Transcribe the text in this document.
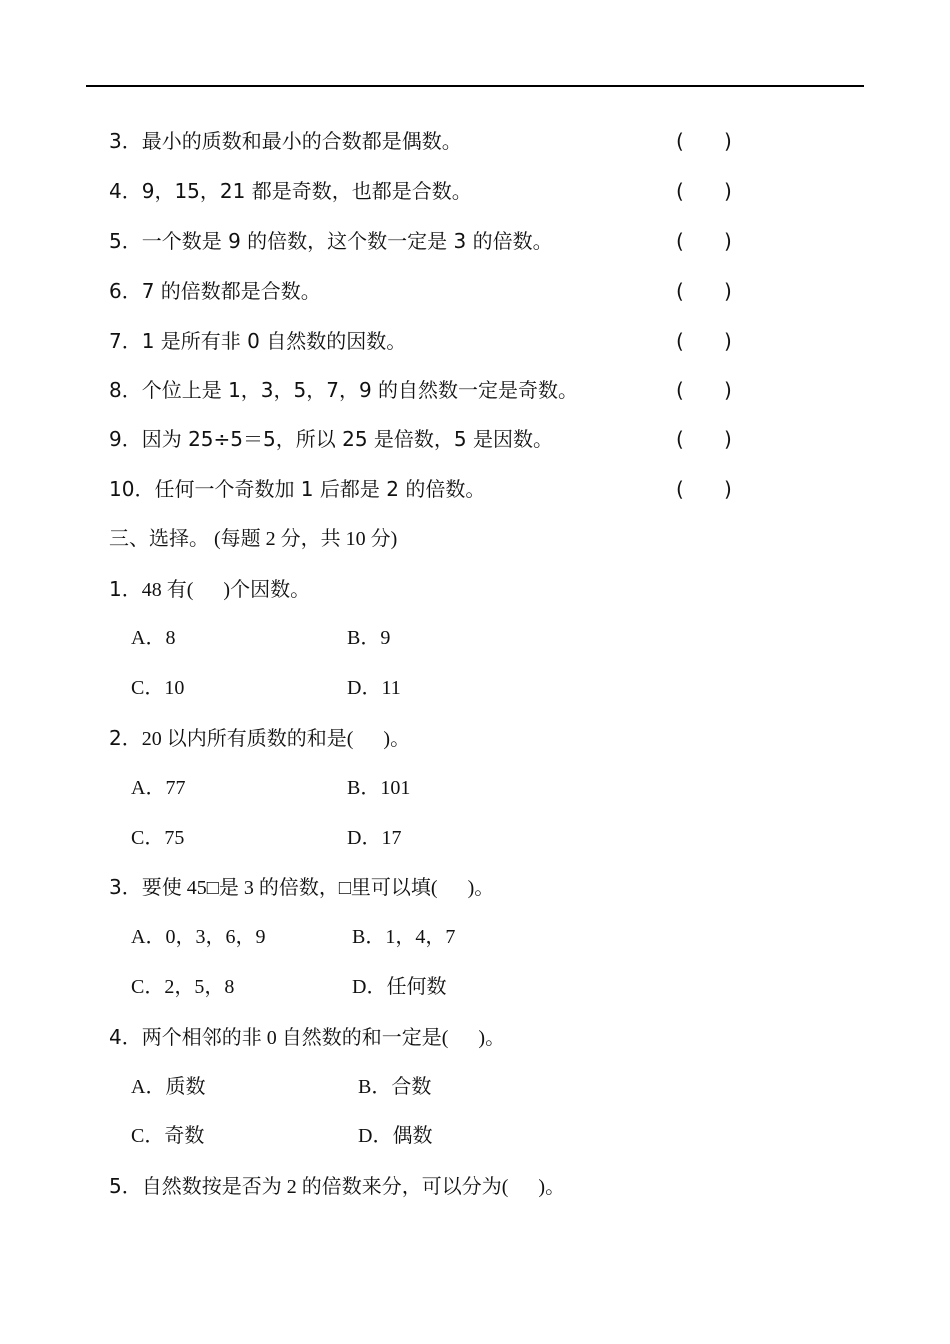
3．最小的质数和最小的合数都是偶数。	( )
4．9，15，21 都是奇数，也都是合数。	( )
5．一个数是 9 的倍数，这个数一定是 3 的倍数。	( )
6．7 的倍数都是合数。	( )
7．1 是所有非 0 自然数的因数。	( )
8．个位上是 1，3，5，7，9 的自然数一定是奇数。	( )
9．因为 25÷5＝5，所以 25 是倍数，5 是因数。	( )
10．任何一个奇数加 1 后都是 2 的倍数。	( )
三、选择。 (每题 2 分，共 10 分)
1．48 有( )个因数。
A．8	B．9
C．10	D．11
2．20 以内所有质数的和是( )。
A．77	B．101
C．75	D．17
3．要使 45□是 3 的倍数，□里可以填( )。
A．0，3，6，9	B．1，4，7
C．2，5，8	D．任何数
4．两个相邻的非 0 自然数的和一定是( )。
A．质数	B．合数
C．奇数	D．偶数
5．自然数按是否为 2 的倍数来分，可以分为( )。
